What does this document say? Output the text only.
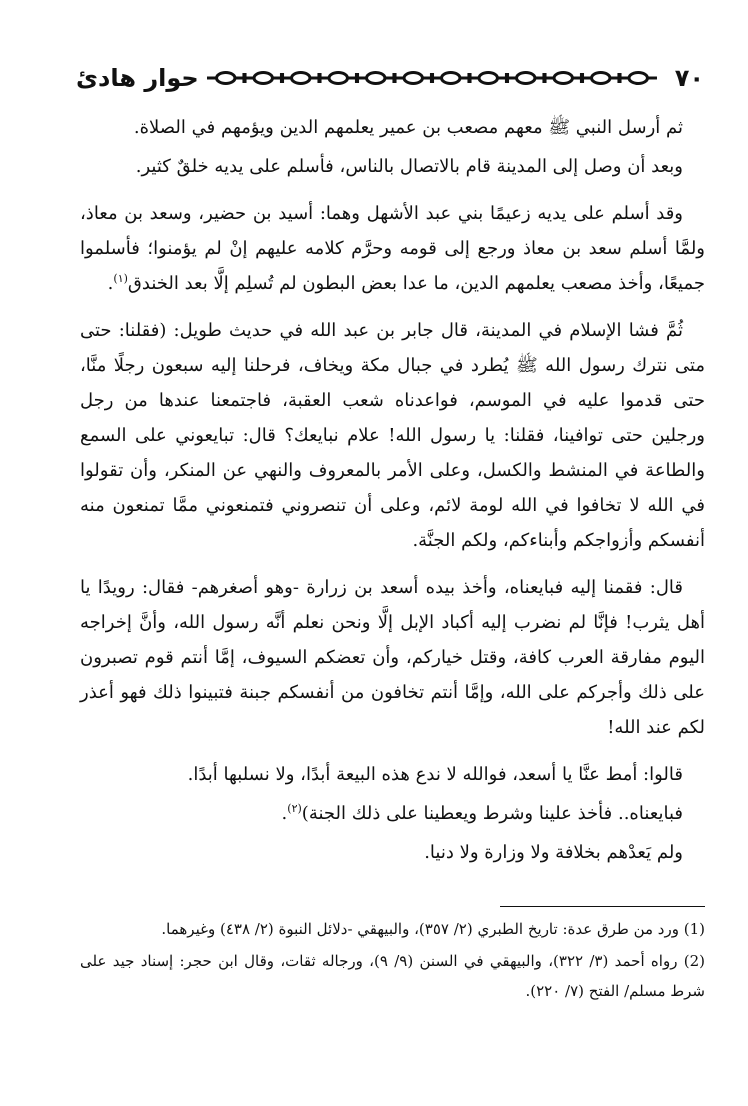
٧٠
حوار هادئ

ثم أرسل النبي ﷺ معهم مصعب بن عمير يعلمهم الدين ويؤمهم في الصلاة.

وبعد أن وصل إلى المدينة قام بالاتصال بالناس، فأسلم على يديه خلقٌ كثير.

وقد أسلم على يديه زعيمًا بني عبد الأشهل وهما: أسيد بن حضير، وسعد بن معاذ، ولمَّا أسلم سعد بن معاذ ورجع إلى قومه وحرَّم كلامه عليهم إنْ لم يؤمنوا؛ فأسلموا جميعًا، وأخذ مصعب يعلمهم الدين، ما عدا بعض البطون لم تُسلِم إلَّا بعد الخندق$^{(١)}$.

ثُمَّ فشا الإسلام في المدينة، قال جابر بن عبد الله في حديث طويل: (فقلنا: حتى متى نترك رسول الله ﷺ يُطرد في جبال مكة ويخاف، فرحلنا إليه سبعون رجلًا منَّا، حتى قدموا عليه في الموسم، فواعدناه شعب العقبة، فاجتمعنا عندها من رجل ورجلين حتى توافينا، فقلنا: يا رسول الله! علام نبايعك؟ قال: تبايعوني على السمع والطاعة في المنشط والكسل، وعلى الأمر بالمعروف والنهي عن المنكر، وأن تقولوا في الله لا تخافوا في الله لومة لائم، وعلى أن تنصروني فتمنعوني ممَّا تمنعون منه أنفسكم وأزواجكم وأبناءكم، ولكم الجنَّة.

قال: فقمنا إليه فبايعناه، وأخذ بيده أسعد بن زرارة -وهو أصغرهم- فقال: رويدًا يا أهل يثرب! فإنَّا لم نضرب إليه أكباد الإبل إلَّا ونحن نعلم أنَّه رسول الله، وأنَّ إخراجه اليوم مفارقة العرب كافة، وقتل خياركم، وأن تعضكم السيوف، إمَّا أنتم قوم تصبرون على ذلك وأجركم على الله، وإمَّا أنتم تخافون من أنفسكم جبنة فتبينوا ذلك فهو أعذر لكم عند الله!

قالوا: أمط عنَّا يا أسعد، فوالله لا ندع هذه البيعة أبدًا، ولا نسلبها أبدًا.

فبايعناه.. فأخذ علينا وشرط ويعطينا على ذلك الجنة)$^{(٢)}$.

ولم يَعدْهم بخلافة ولا وزارة ولا دنيا.

(1) ورد من طرق عدة: تاريخ الطبري (٢/ ٣٥٧)، والبيهقي -دلائل النبوة (٢/ ٤٣٨) وغيرهما.

(2) رواه أحمد (٣/ ٣٢٢)، والبيهقي في السنن (٩/ ٩)، ورجاله ثقات، وقال ابن حجر: إسناد جيد على شرط مسلم/ الفتح (٧/ ٢٢٠).
